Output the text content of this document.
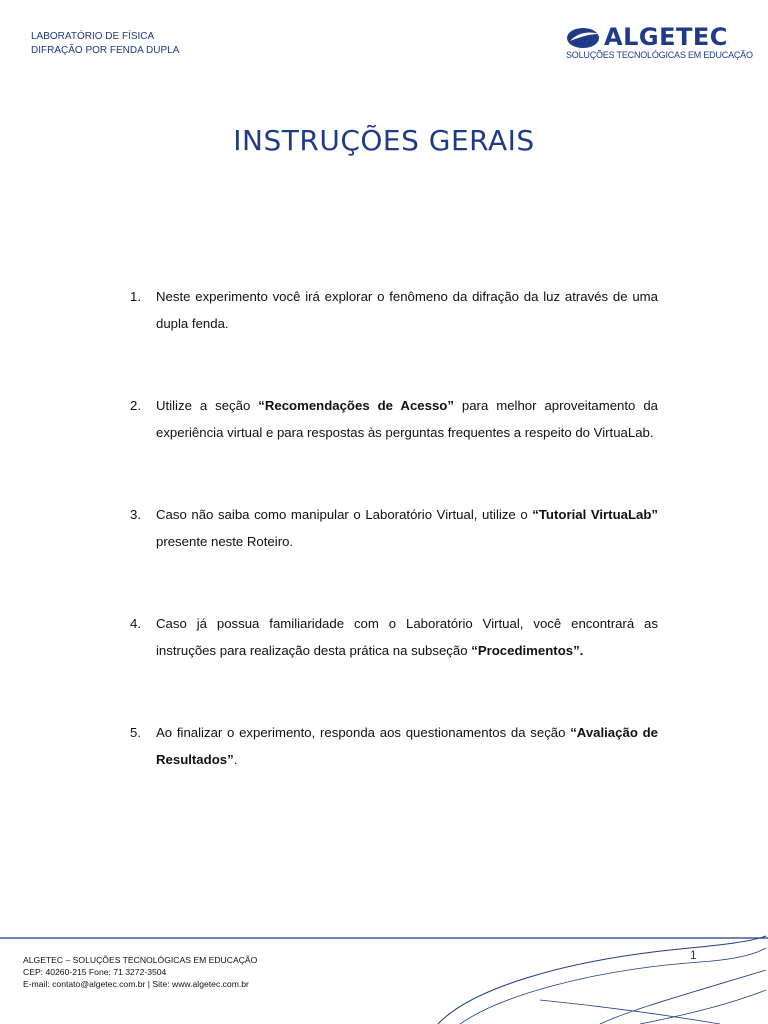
LABORATÓRIO DE FÍSICA
DIFRAÇÃO POR FENDA DUPLA	ALGETEC
SOLUÇÕES TECNOLÓGICAS EM EDUCAÇÃO
INSTRUÇÕES GERAIS
1. Neste experimento você irá explorar o fenômeno da difração da luz através de uma dupla fenda.
2. Utilize a seção “Recomendações de Acesso” para melhor aproveitamento da experiência virtual e para respostas às perguntas frequentes a respeito do VirtuaLab.
3. Caso não saiba como manipular o Laboratório Virtual, utilize o “Tutorial VirtuaLab” presente neste Roteiro.
4. Caso já possua familiaridade com o Laboratório Virtual, você encontrará as instruções para realização desta prática na subseção “Procedimentos”.
5. Ao finalizar o experimento, responda aos questionamentos da seção “Avaliação de Resultados”.
ALGETEC – SOLUÇÕES TECNOLÓGICAS EM EDUCAÇÃO
CEP: 40260-215 Fone: 71 3272-3504
E-mail: contato@algetec.com.br | Site: www.algetec.com.br
1
